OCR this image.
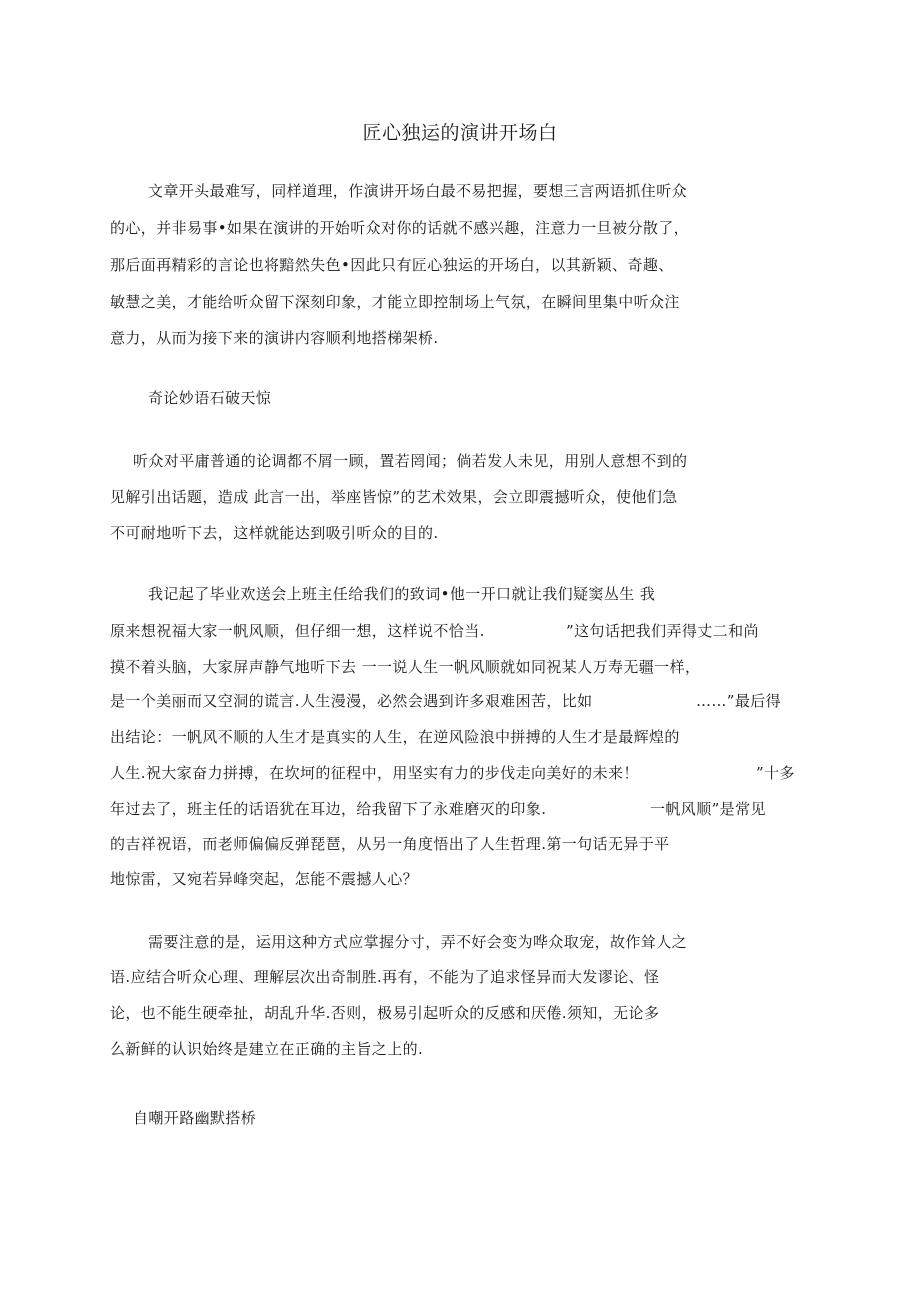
匠心独运的演讲开场白
文章开头最难写，同样道理，作演讲开场白最不易把握，要想三言两语抓住听众
的心，并非易事•如果在演讲的开始听众对你的话就不感兴趣，注意力一旦被分散了，
那后面再精彩的言论也将黯然失色•因此只有匠心独运的开场白，以其新颖、奇趣、
敏慧之美，才能给听众留下深刻印象，才能立即控制场上气氛，在瞬间里集中听众注
意力，从而为接下来的演讲内容顺利地搭梯架桥.
奇论妙语石破天惊
听众对平庸普通的论调都不屑一顾，置若罔闻；倘若发人未见，用别人意想不到的
见解引出话题，造成 此言一出，举座皆惊”的艺术效果，会立即震撼听众，使他们急
不可耐地听下去，这样就能达到吸引听众的目的.
我记起了毕业欢送会上班主任给我们的致词•他一开口就让我们疑窦丛生 我
原来想祝福大家一帆风顺，但仔细一想，这样说不恰当.	”这句话把我们弄得丈二和尚
摸不着头脑，大家屏声静气地听下去 一一说人生一帆风顺就如同祝某人万寿无疆一样，
是一个美丽而又空洞的谎言.人生漫漫，必然会遇到许多艰难困苦，比如	……”最后得
出结论：一帆风不顺的人生才是真实的人生，在逆风险浪中拼搏的人生才是最辉煌的
人生.祝大家奋力拼搏，在坎坷的征程中，用坚实有力的步伐走向美好的未来！	”十多
年过去了，班主任的话语犹在耳边，给我留下了永难磨灭的印象.	一帆风顺”是常见
的吉祥祝语，而老师偏偏反弹琵琶，从另一角度悟出了人生哲理.第一句话无异于平
地惊雷，又宛若异峰突起，怎能不震撼人心？
需要注意的是，运用这种方式应掌握分寸，弄不好会变为哗众取宠，故作耸人之
语.应结合听众心理、理解层次出奇制胜.再有，不能为了追求怪异而大发谬论、怪
论，也不能生硬牵扯，胡乱升华.否则，极易引起听众的反感和厌倦.须知，无论多
么新鲜的认识始终是建立在正确的主旨之上的.
自嘲开路幽默搭桥
